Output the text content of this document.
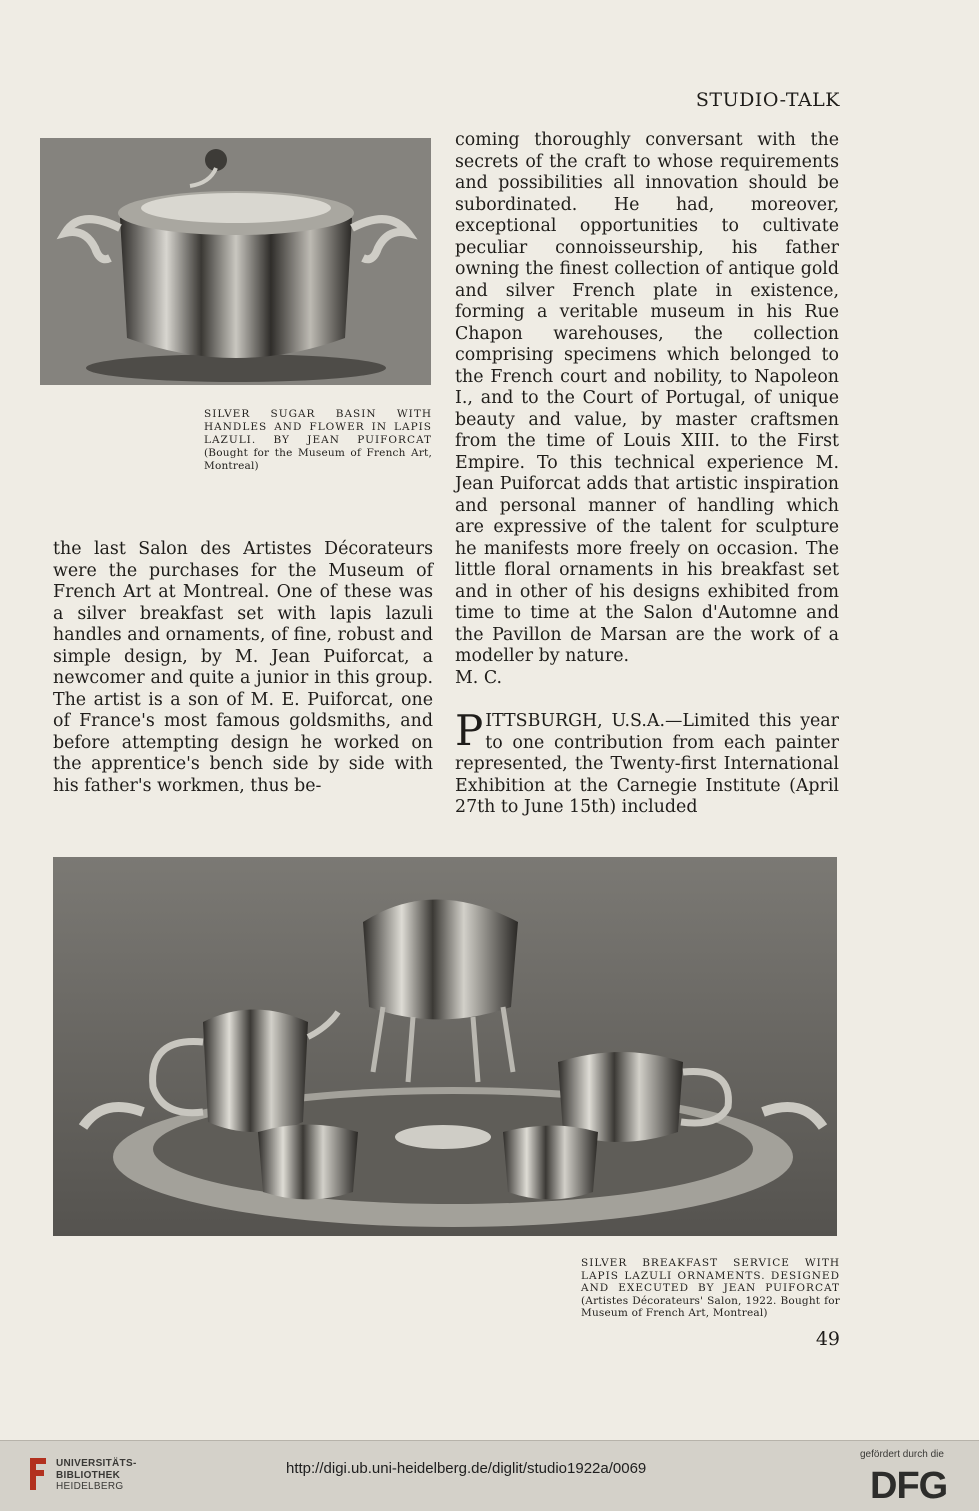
STUDIO-TALK
SILVER SUGAR BASIN WITH HANDLES AND FLOWER IN LAPIS LAZULI. BY JEAN PUIFORCAT (Bought for the Museum of French Art, Montreal)

the last Salon des Artistes Décorateurs were the purchases for the Museum of French Art at Montreal. One of these was a silver breakfast set with lapis lazuli handles and ornaments, of fine, robust and simple design, by M. Jean Puiforcat, a newcomer and quite a junior in this group. The artist is a son of M. E. Puiforcat, one of France's most famous goldsmiths, and before attempting design he worked on the apprentice's bench side by side with his father's workmen, thus be-

coming thoroughly conversant with the secrets of the craft to whose requirements and possibilities all innovation should be subordinated. He had, moreover, exceptional opportunities to cultivate peculiar connoisseurship, his father owning the finest collection of antique gold and silver French plate in existence, forming a veritable museum in his Rue Chapon warehouses, the collection comprising specimens which belonged to the French court and nobility, to Napoleon I., and to the Court of Portugal, of unique beauty and value, by master craftsmen from the time of Louis XIII. to the First Empire. To this technical experience M. Jean Puiforcat adds that artistic inspiration and personal manner of handling which are expressive of the talent for sculpture he manifests more freely on occasion. The little floral ornaments in his breakfast set and in other of his designs exhibited from time to time at the Salon d'Automne and the Pavillon de Marsan are the work of a modeller by nature.

M. C.

PITTSBURGH, U.S.A.—Limited this year to one contribution from each painter represented, the Twenty-first International Exhibition at the Carnegie Institute (April 27th to June 15th) included

SILVER BREAKFAST SERVICE WITH LAPIS LAZULI ORNAMENTS. DESIGNED AND EXECUTED BY JEAN PUIFORCAT (Artistes Décorateurs' Salon, 1922. Bought for Museum of French Art, Montreal)
49
UNIVERSITÄTS-
BIBLIOTHEK
HEIDELBERG
http://digi.ub.uni-heidelberg.de/diglit/studio1922a/0069
gefördert durch die
DFG
